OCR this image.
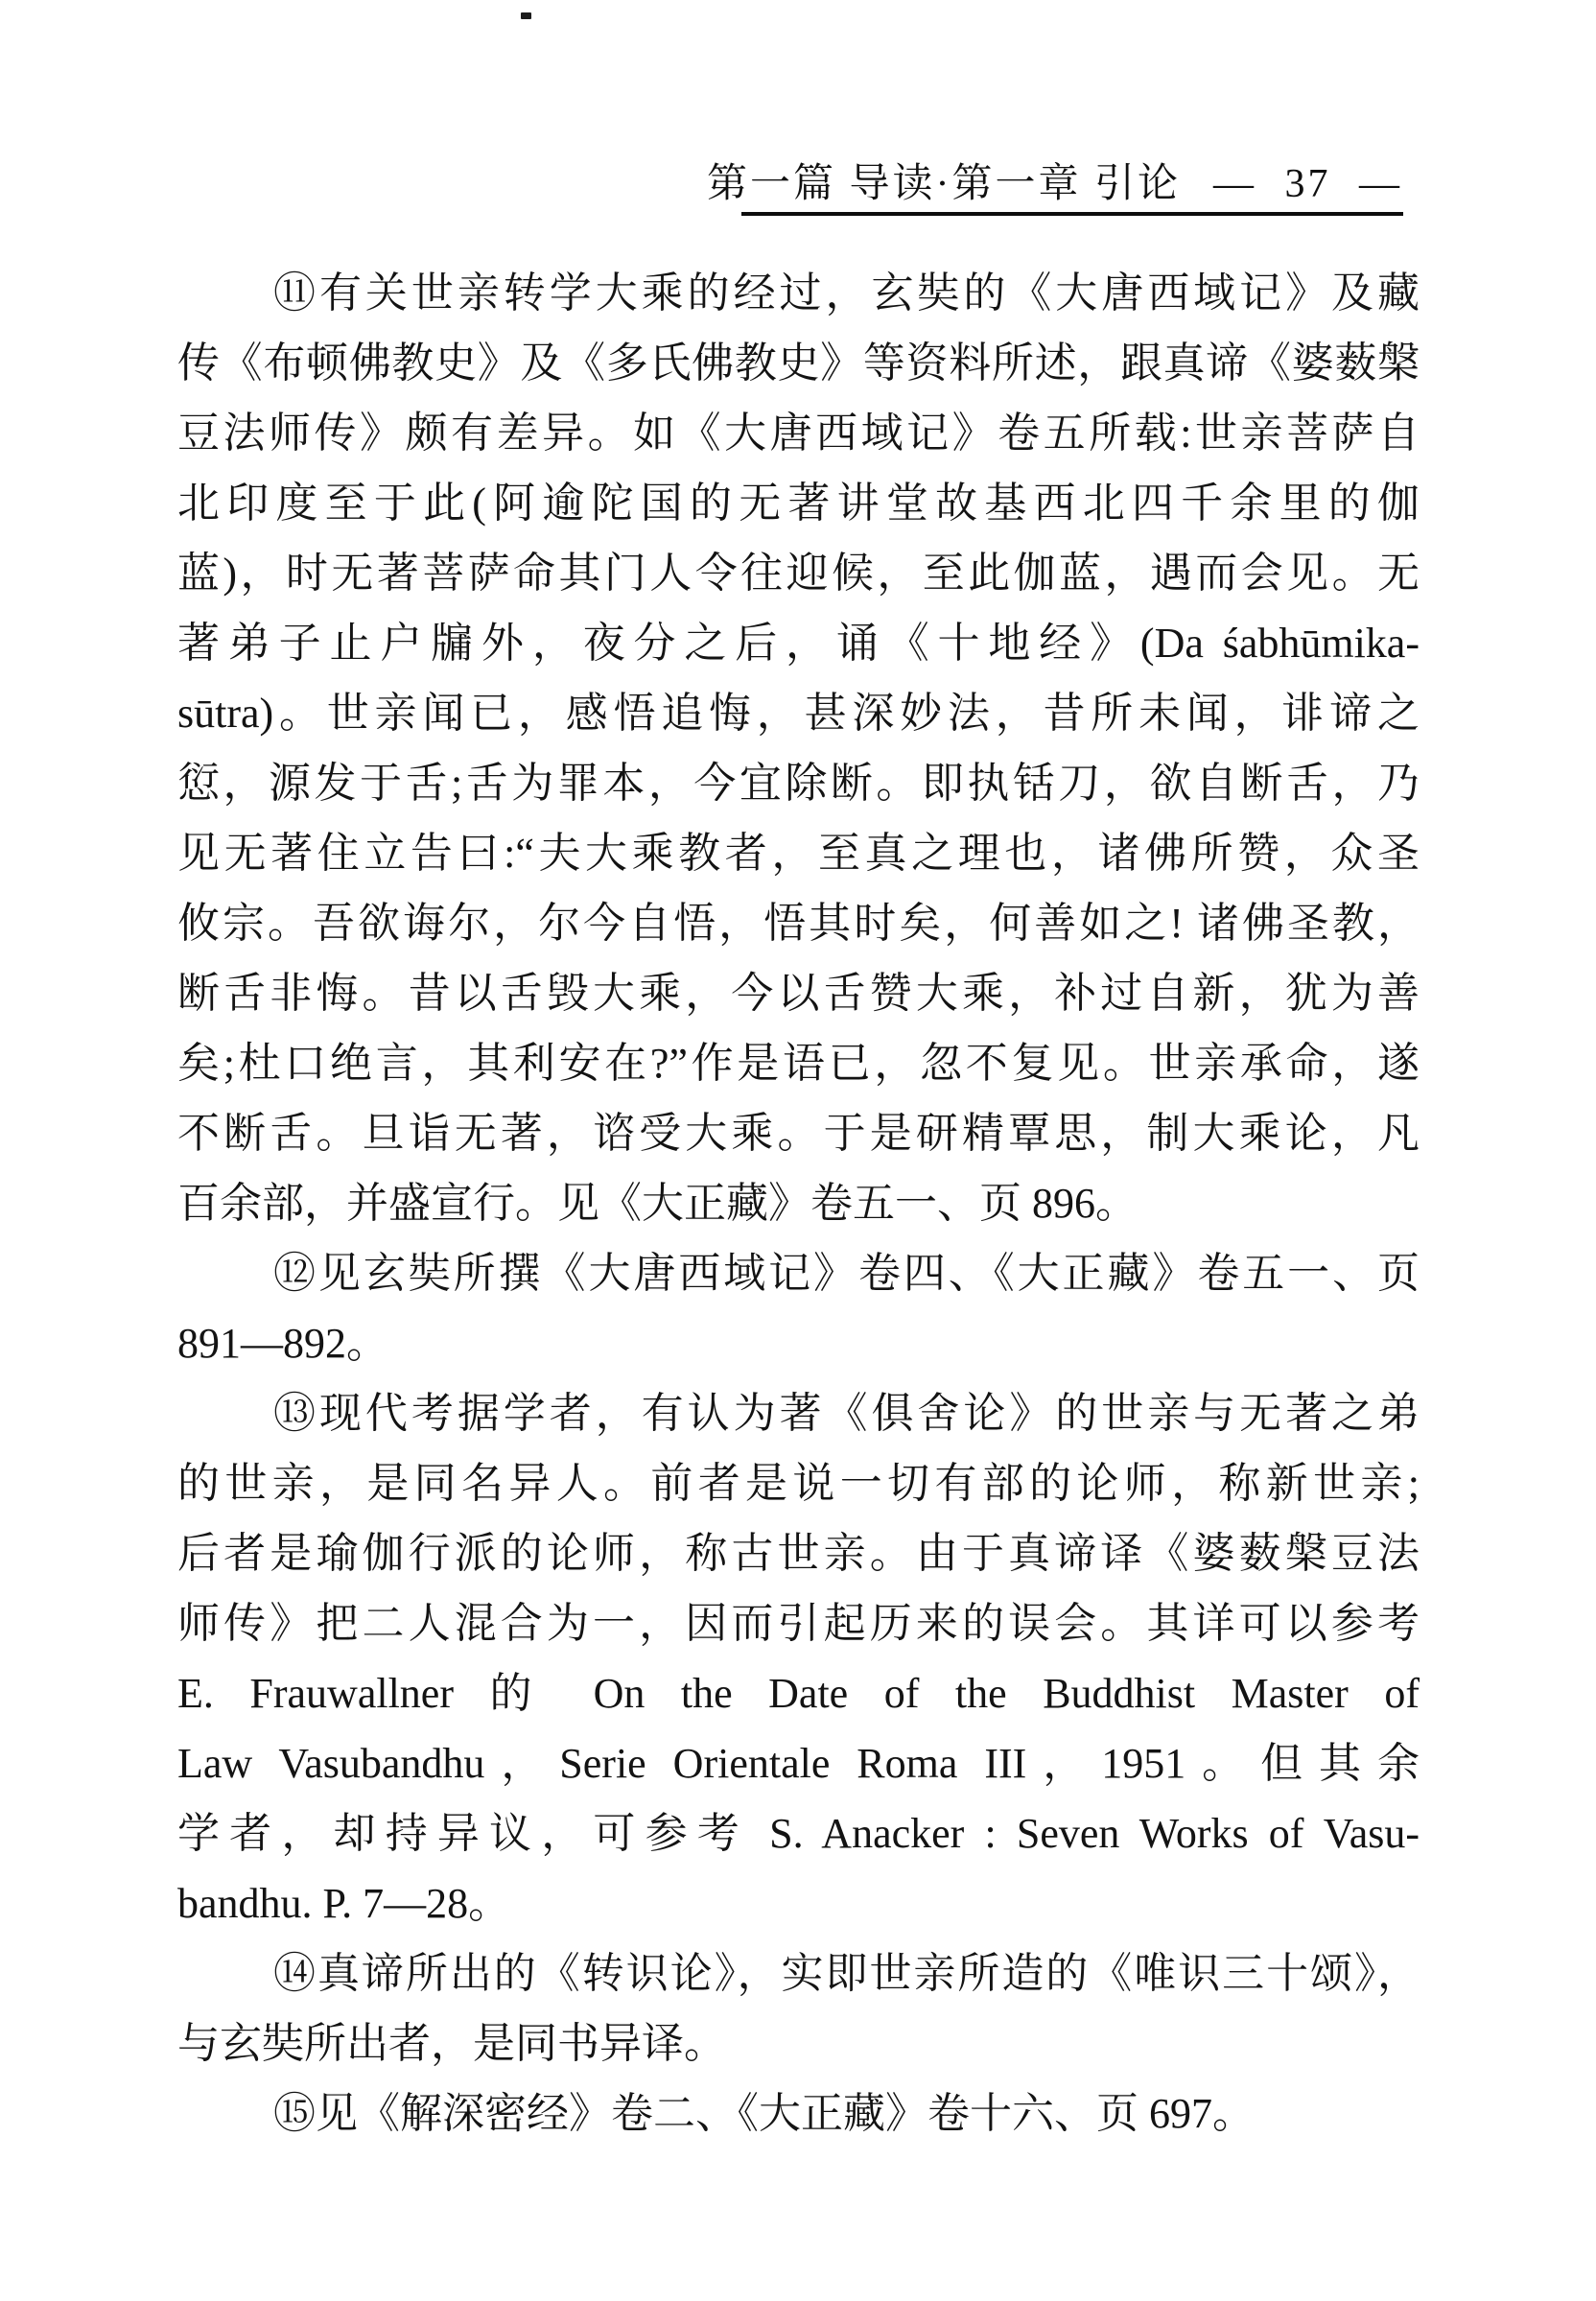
第一篇 导读·第一章 引论 — 37 —
⑪有关世亲转学大乘的经过，玄奘的《大唐西域记》及藏
传《布顿佛教史》及《多氏佛教史》等资料所述，跟真谛《婆薮槃
豆法师传》颇有差异。如《大唐西域记》卷五所载:世亲菩萨自
北印度至于此(阿逾陀国的无著讲堂故基西北四千余里的伽
蓝)，时无著菩萨命其门人令往迎候，至此伽蓝，遇而会见。无
著弟子止户牖外，夜分之后，诵《十地经》(Da śabhūmika-
sūtra)。世亲闻已，感悟追悔，甚深妙法，昔所未闻，诽谛之
愆，源发于舌;舌为罪本，今宜除断。即执铦刀，欲自断舌，乃
见无著住立告曰:“夫大乘教者，至真之理也，诸佛所赞，众圣
攸宗。吾欲诲尔，尔今自悟，悟其时矣，何善如之! 诸佛圣教，
断舌非悔。昔以舌毁大乘，今以舌赞大乘，补过自新，犹为善
矣;杜口绝言，其利安在?”作是语已，忽不复见。世亲承命，遂
不断舌。旦诣无著，谘受大乘。于是研精覃思，制大乘论，凡
百余部，并盛宣行。见《大正藏》卷五一、页 896。
⑫见玄奘所撰《大唐西域记》卷四、《大正藏》卷五一、页
891—892。
⑬现代考据学者，有认为著《俱舍论》的世亲与无著之弟
的世亲，是同名异人。前者是说一切有部的论师，称新世亲;
后者是瑜伽行派的论师，称古世亲。由于真谛译《婆薮槃豆法
师传》把二人混合为一，因而引起历来的误会。其详可以参考
E. Frauwallner 的 On the Date of the Buddhist Master of
Law Vasubandhu，Serie Orientale Roma III，1951。但其余
学者，却持异议，可参考 S. Anacker : Seven Works of Vasu-
bandhu. P. 7—28。
⑭真谛所出的《转识论》，实即世亲所造的《唯识三十颂》，
与玄奘所出者，是同书异译。
⑮见《解深密经》卷二、《大正藏》卷十六、页 697。
